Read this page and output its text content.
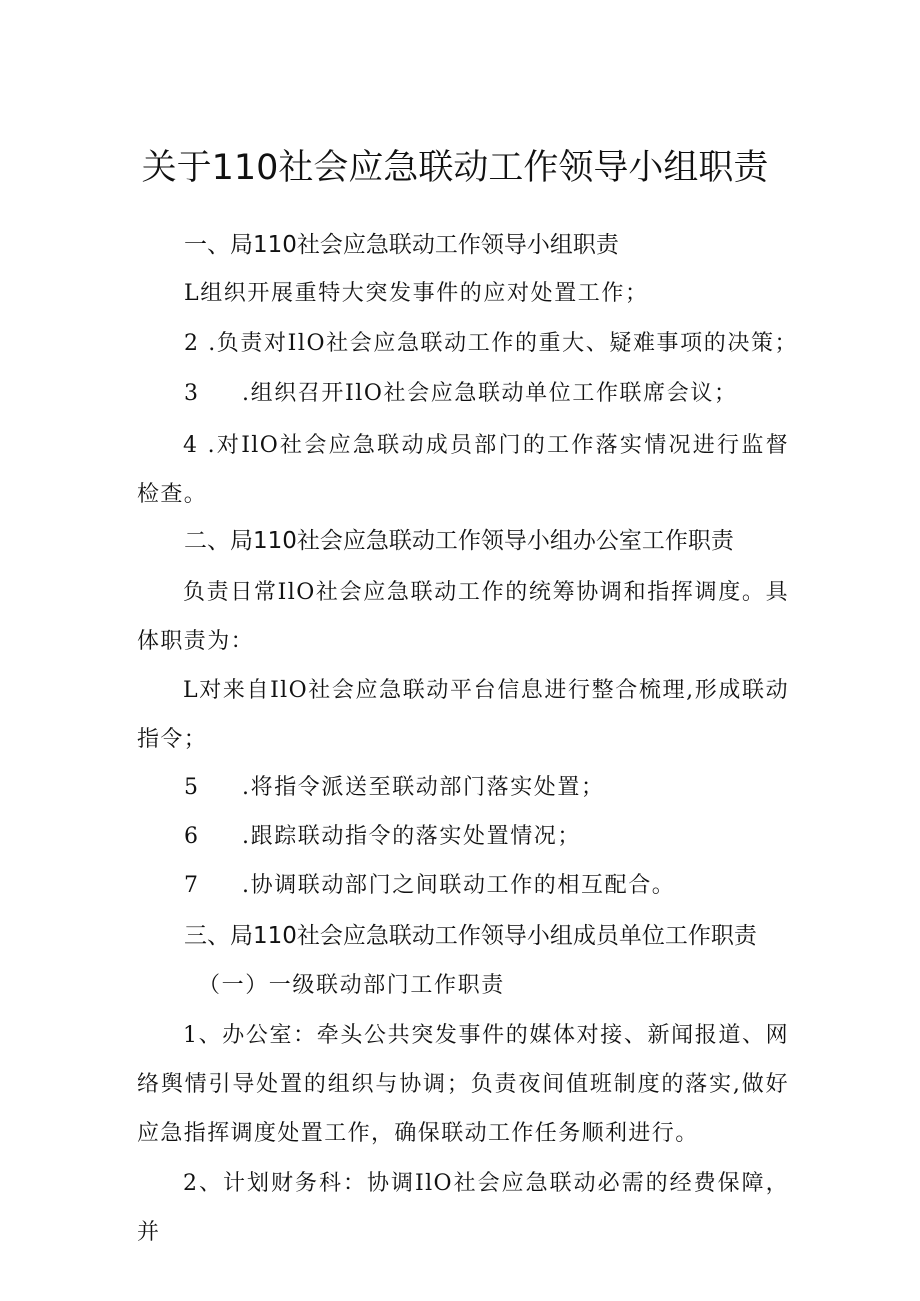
关于110社会应急联动工作领导小组职责
一、局110社会应急联动工作领导小组职责
L组织开展重特大突发事件的应对处置工作；
2 .负责对IlO社会应急联动工作的重大、疑难事项的决策；
3 .组织召开IlO社会应急联动单位工作联席会议；
4 .对IlO社会应急联动成员部门的工作落实情况进行监督检查。
二、局110社会应急联动工作领导小组办公室工作职责
负责日常IlO社会应急联动工作的统筹协调和指挥调度。具体职责为：
L对来自IlO社会应急联动平台信息进行整合梳理,形成联动指令；
5 .将指令派送至联动部门落实处置；
6 .跟踪联动指令的落实处置情况；
7 .协调联动部门之间联动工作的相互配合。
三、局110社会应急联动工作领导小组成员单位工作职责
（一）一级联动部门工作职责
1、办公室：牵头公共突发事件的媒体对接、新闻报道、网络舆情引导处置的组织与协调；负责夜间值班制度的落实,做好应急指挥调度处置工作，确保联动工作任务顺利进行。
2、计划财务科：协调IlO社会应急联动必需的经费保障，并
